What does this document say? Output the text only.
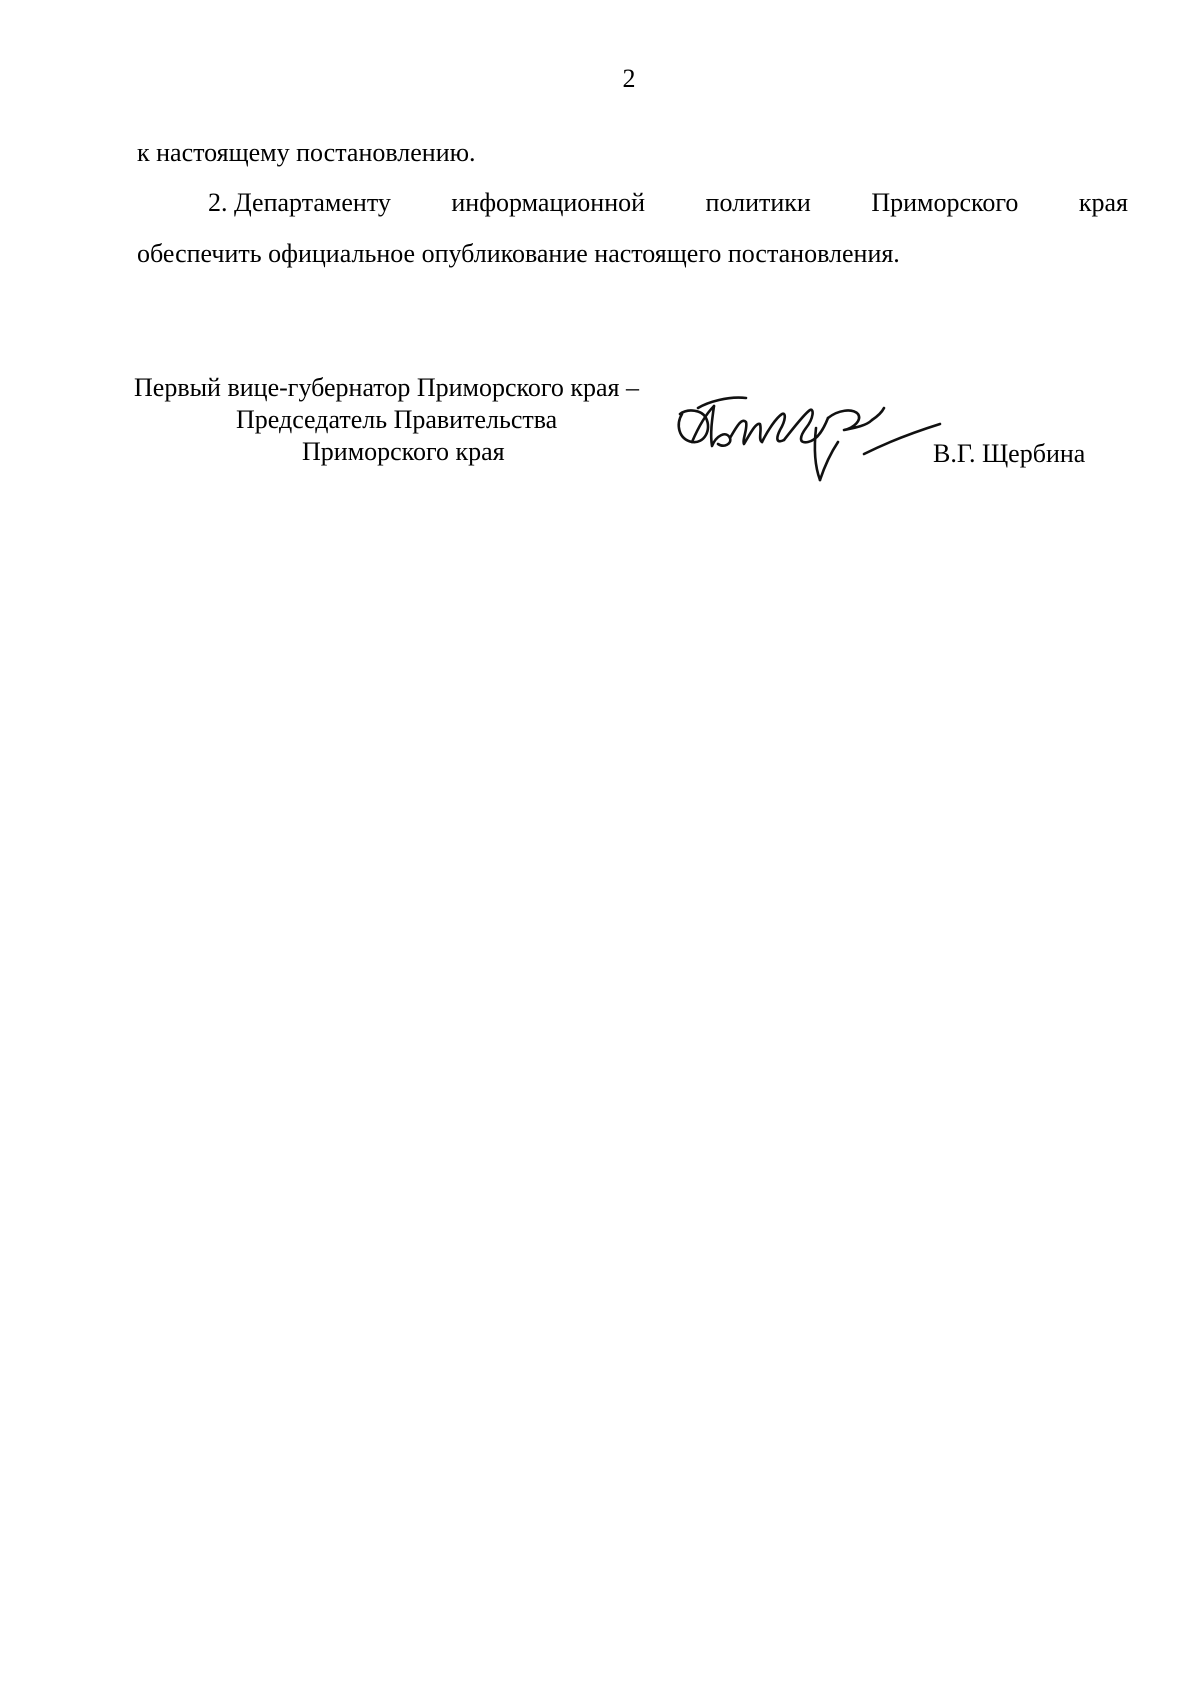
2
к настоящему постановлению.
2. Департаменту информационной политики Приморского края
обеспечить официальное опубликование настоящего постановления.
Первый вице-губернатор Приморского края –
Председатель Правительства
Приморского края	В.Г. Щербина
